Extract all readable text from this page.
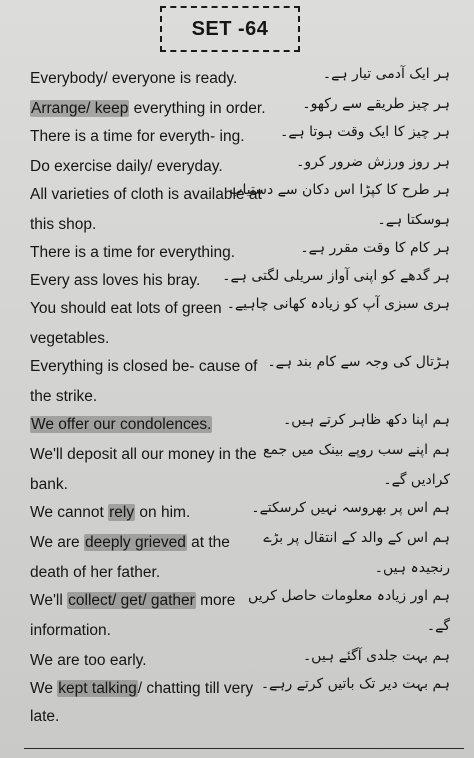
SET -64
Everybody/ everyone is ready.	ہر ایک آدمی تیار ہے۔
Arrange/ keep everything in order.	ہر چیز طریقے سے رکھو۔
There is a time for everyth- ing.	ہر چیز کا ایک وقت ہوتا ہے۔
Do exercise daily/ everyday.	ہر روز ورزش ضرور کرو۔
All varieties of cloth is available at
ہر طرح کا کپڑا اس دکان سے دستیاب
this shop.	ہوسکتا ہے۔
There is a time for everything.	ہر کام کا وقت مقرر ہے۔
Every ass loves his bray. ہر گدھے کو اپنی آواز سریلی لگتی ہے۔
You should eat lots of green ہری سبزی آپ کو زیادہ کھانی چاہیے۔
vegetables.
Everything is closed be- cause of ہڑتال کی وجہ سے کام بند ہے۔
the strike.
We offer our condolences.	ہم اپنا دکھ ظاہر کرتے ہیں۔
We'll deposit all our money in the ہم اپنے سب روپے بینک میں جمع
bank.	کرادیں گے۔
We cannot rely on him.	ہم اس پر بھروسہ نہیں کرسکتے۔
We are deeply grieved at the ہم اس کے والد کے انتقال پر بڑے
death of her father.	رنجیدہ ہیں۔
We'll collect/ get/ gather more ہم اور زیادہ معلومات حاصل کریں
information.	گے۔
We are too early.	ہم بہت جلدی آگئے ہیں۔
We kept talking/ chatting till very ہم بہت دیر تک باتیں کرتے رہے۔
late.
